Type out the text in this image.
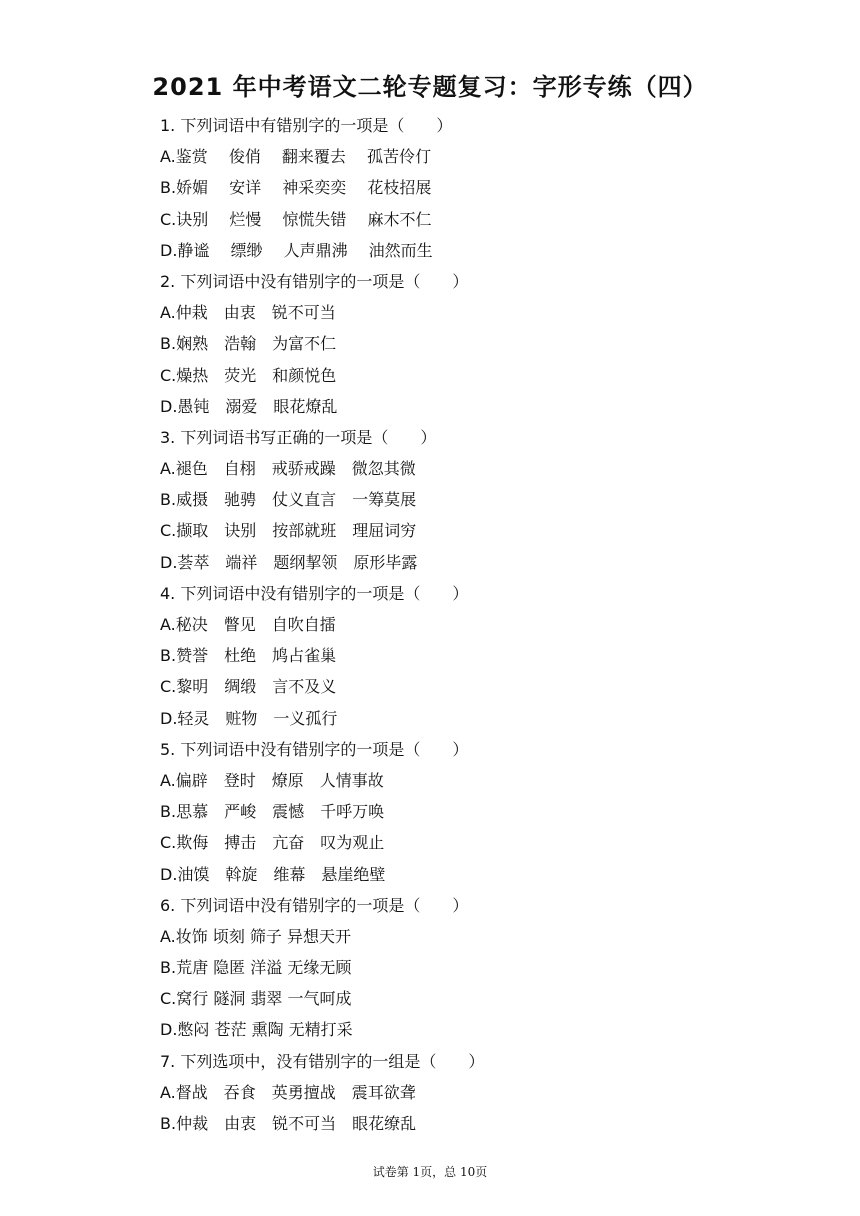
2021 年中考语文二轮专题复习：字形专练（四）
1. 下列词语中有错别字的一项是（　　）
A.鉴赏　 俊俏　 翻来覆去　 孤苦伶仃
B.娇媚　 安详　 神采奕奕　 花枝招展
C.诀别　 烂慢　 惊慌失错　 麻木不仁
D.静谧　 缥缈　 人声鼎沸　 油然而生
2. 下列词语中没有错别字的一项是（　　）
A.仲栽　由衷　锐不可当
B.娴熟　浩翰　为富不仁
C.燥热　荧光　和颜悦色
D.愚钝　溺爱　眼花燎乱
3. 下列词语书写正确的一项是（　　）
A.褪色　自栩　戒骄戒躁　微忽其微
B.威摄　驰骋　仗义直言　一筹莫展
C.撷取　诀别　按部就班　理屈词穷
D.荟萃　端祥　题纲挈领　原形毕露
4. 下列词语中没有错别字的一项是（　　）
A.秘决　瞥见　自吹自擂
B.赞誉　杜绝　鸠占雀巢
C.黎明　绸缎　言不及义
D.轻灵　赃物　一义孤行
5. 下列词语中没有错别字的一项是（　　）
A.偏辟　登时　燎原　人情事故
B.思慕　严峻　震憾　千呼万唤
C.欺侮　搏击　亢奋　叹为观止
D.油馍　斡旋　维幕　悬崖绝壁
6. 下列词语中没有错别字的一项是（　　）
A.妆饰 顷刻 筛子 异想天开
B.荒唐 隐匿 洋溢 无缘无顾
C.窝行 隧洞 翡翠 一气呵成
D.憋闷 苍茫 熏陶 无精打采
7. 下列选项中，没有错别字的一组是（　　）
A.督战　吞食　英勇擅战　震耳欲聋
B.仲裁　由衷　锐不可当　眼花缭乱
试卷第 1页，总 10页
